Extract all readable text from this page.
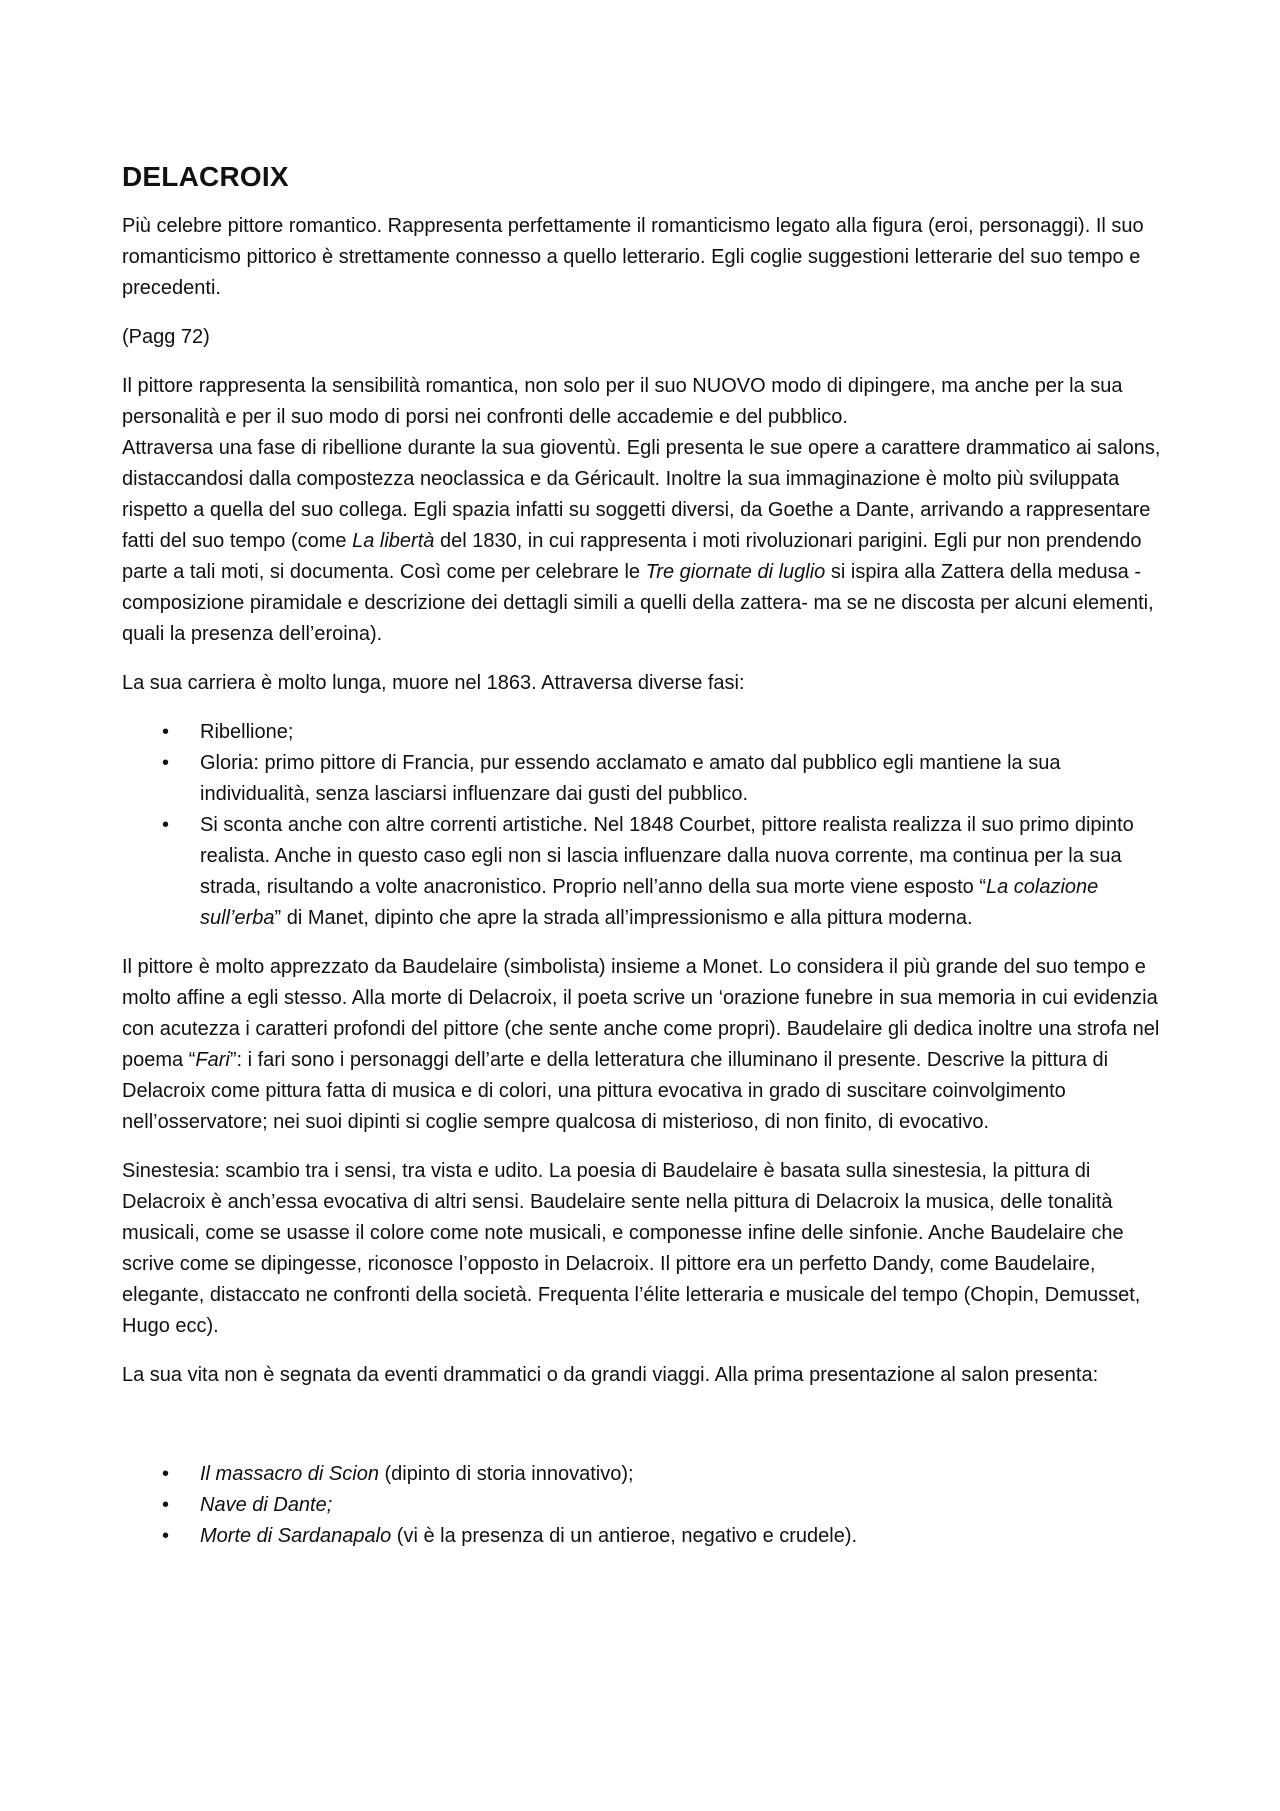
DELACROIX

Più celebre pittore romantico. Rappresenta perfettamente il romanticismo legato alla figura (eroi, personaggi). Il suo romanticismo pittorico è strettamente connesso a quello letterario. Egli coglie suggestioni letterarie del suo tempo e precedenti.

(Pagg 72)

Il pittore rappresenta la sensibilità romantica, non solo per il suo NUOVO modo di dipingere, ma anche per la sua personalità e per il suo modo di porsi nei confronti delle accademie e del pubblico.
Attraversa una fase di ribellione durante la sua gioventù. Egli presenta le sue opere a carattere drammatico ai salons, distaccandosi dalla compostezza neoclassica e da Géricault. Inoltre la sua immaginazione è molto più sviluppata rispetto a quella del suo collega. Egli spazia infatti su soggetti diversi, da Goethe a Dante, arrivando a rappresentare fatti del suo tempo (come La libertà del 1830, in cui rappresenta i moti rivoluzionari parigini. Egli pur non prendendo parte a tali moti, si documenta. Così come per celebrare le Tre giornate di luglio si ispira alla Zattera della medusa -composizione piramidale e descrizione dei dettagli simili a quelli della zattera- ma se ne discosta per alcuni elementi, quali la presenza dell’eroina).

La sua carriera è molto lunga, muore nel 1863. Attraversa diverse fasi:

• Ribellione;
• Gloria: primo pittore di Francia, pur essendo acclamato e amato dal pubblico egli mantiene la sua individualità, senza lasciarsi influenzare dai gusti del pubblico.
• Si sconta anche con altre correnti artistiche. Nel 1848 Courbet, pittore realista realizza il suo primo dipinto realista. Anche in questo caso egli non si lascia influenzare dalla nuova corrente, ma continua per la sua strada, risultando a volte anacronistico. Proprio nell’anno della sua morte viene esposto “La colazione sull’erba” di Manet, dipinto che apre la strada all’impressionismo e alla pittura moderna.

Il pittore è molto apprezzato da Baudelaire (simbolista) insieme a Monet. Lo considera il più grande del suo tempo e molto affine a egli stesso. Alla morte di Delacroix, il poeta scrive un ‘orazione funebre in sua memoria in cui evidenzia con acutezza i caratteri profondi del pittore (che sente anche come propri). Baudelaire gli dedica inoltre una strofa nel poema “Fari”: i fari sono i personaggi dell’arte e della letteratura che illuminano il presente. Descrive la pittura di Delacroix come pittura fatta di musica e di colori, una pittura evocativa in grado di suscitare coinvolgimento nell’osservatore; nei suoi dipinti si coglie sempre qualcosa di misterioso, di non finito, di evocativo.

Sinestesia: scambio tra i sensi, tra vista e udito. La poesia di Baudelaire è basata sulla sinestesia, la pittura di Delacroix è anch’essa evocativa di altri sensi. Baudelaire sente nella pittura di Delacroix la musica, delle tonalità musicali, come se usasse il colore come note musicali, e componesse infine delle sinfonie. Anche Baudelaire che scrive come se dipingesse, riconosce l’opposto in Delacroix. Il pittore era un perfetto Dandy, come Baudelaire, elegante, distaccato ne confronti della società. Frequenta l’élite letteraria e musicale del tempo (Chopin, Demusset, Hugo ecc).

La sua vita non è segnata da eventi drammatici o da grandi viaggi. Alla prima presentazione al salon presenta:

• Il massacro di Scion (dipinto di storia innovativo);
• Nave di Dante;
• Morte di Sardanapalo (vi è la presenza di un antieroe, negativo e crudele).
